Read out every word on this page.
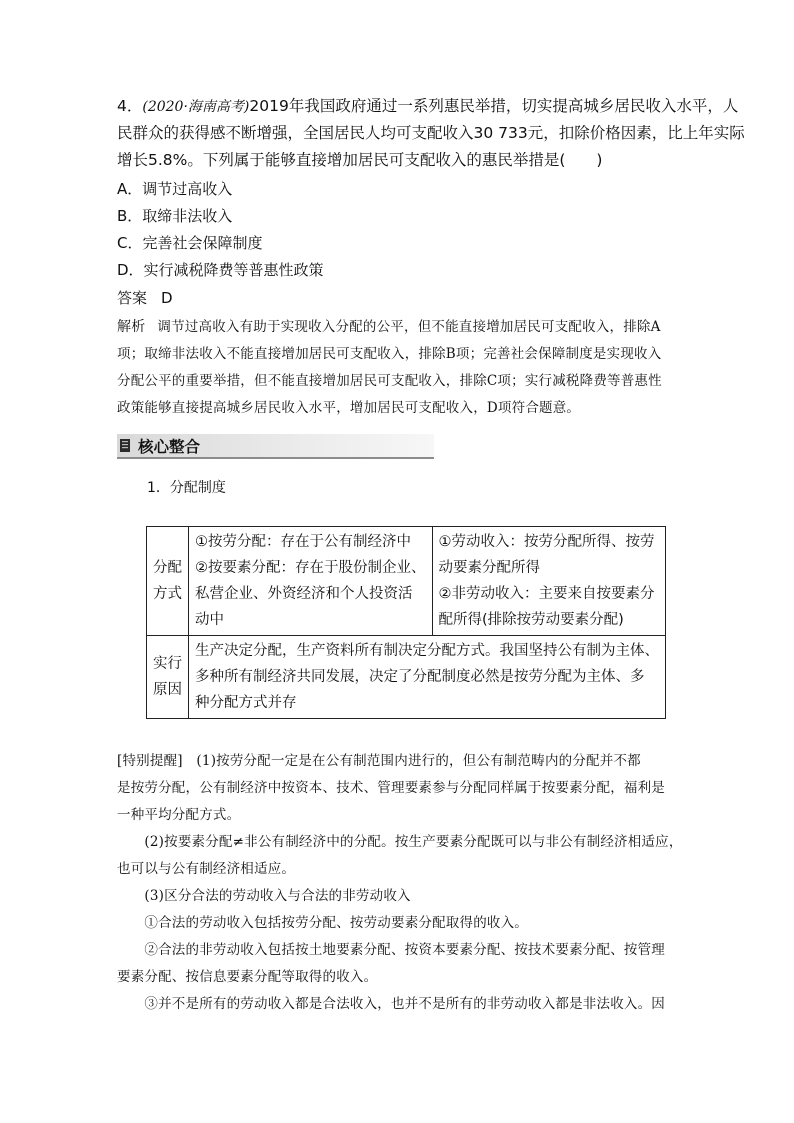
4．(2020·海南高考)2019年我国政府通过一系列惠民举措，切实提高城乡居民收入水平，人
民群众的获得感不断增强，全国居民人均可支配收入30 733元，扣除价格因素，比上年实际
增长5.8%。下列属于能够直接增加居民可支配收入的惠民举措是(　　)
A．调节过高收入
B．取缔非法收入
C．完善社会保障制度
D．实行减税降费等普惠性政策
答案 D
解析 调节过高收入有助于实现收入分配的公平，但不能直接增加居民可支配收入，排除A
项；取缔非法收入不能直接增加居民可支配收入，排除B项；完善社会保障制度是实现收入
分配公平的重要举措，但不能直接增加居民可支配收入，排除C项；实行减税降费等普惠性
政策能够直接提高城乡居民收入水平，增加居民可支配收入，D项符合题意。
核心整合
1．分配制度
分配
方式	①按劳分配：存在于公有制经济中
②按要素分配：存在于股份制企业、
私营企业、外资经济和个人投资活
动中	①劳动收入：按劳分配所得、按劳
动要素分配所得
②非劳动收入：主要来自按要素分
配所得(排除按劳动要素分配)

实行
原因	生产决定分配，生产资料所有制决定分配方式。我国坚持公有制为主体、
多种所有制经济共同发展，决定了分配制度必然是按劳分配为主体、多
种分配方式并存	
[特别提醒]　(1)按劳分配一定是在公有制范围内进行的，但公有制范畴内的分配并不都
是按劳分配，公有制经济中按资本、技术、管理要素参与分配同样属于按要素分配，福利是
一种平均分配方式。
　　(2)按要素分配≠非公有制经济中的分配。按生产要素分配既可以与非公有制经济相适应，
也可以与公有制经济相适应。
　　(3)区分合法的劳动收入与合法的非劳动收入
　　①合法的劳动收入包括按劳分配、按劳动要素分配取得的收入。
　　②合法的非劳动收入包括按土地要素分配、按资本要素分配、按技术要素分配、按管理
要素分配、按信息要素分配等取得的收入。
　　③并不是所有的劳动收入都是合法收入，也并不是所有的非劳动收入都是非法收入。因
